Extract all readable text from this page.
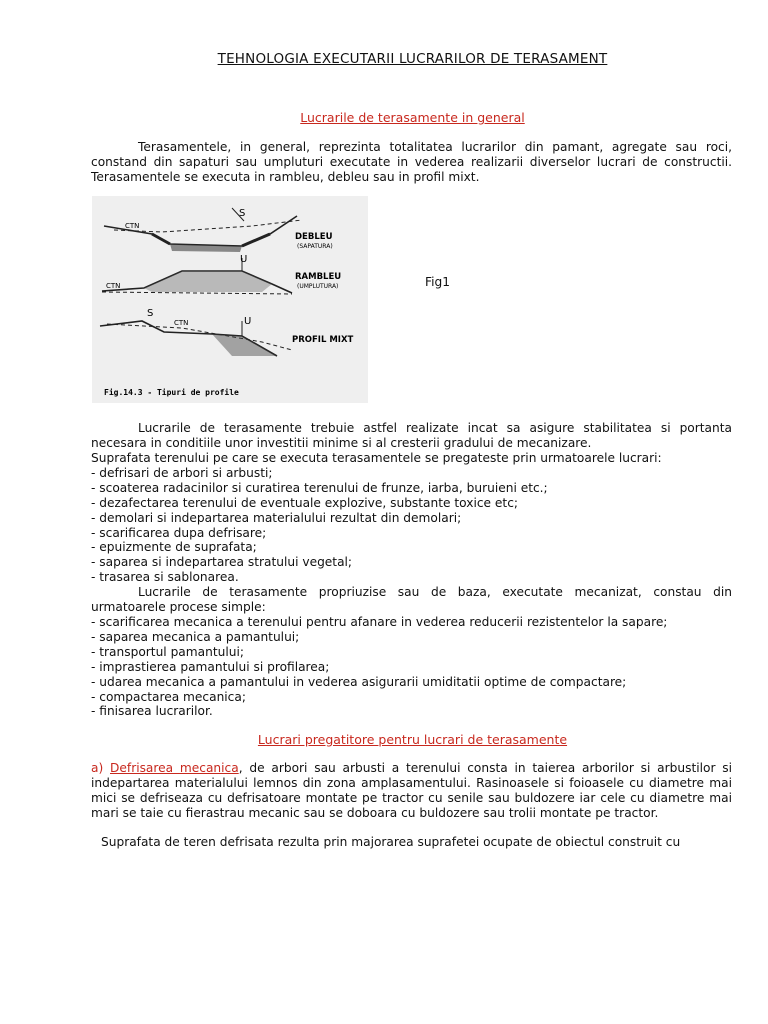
TEHNOLOGIA EXECUTARII LUCRARILOR DE TERASAMENT
Lucrarile de terasamente in general

Terasamentele, in general, reprezinta totalitatea lucrarilor din pamant, agregate sau roci, constand din sapaturi sau umpluturi executate in vederea realizarii diverselor lucrari de constructii. Terasamentele se executa in rambleu, debleu sau in profil mixt.

S
CTN
DEBLEU
(SAPATURA)
U
CTN
RAMBLEU
(UMPLUTURA)
S
CTN	U
PROFIL MIXT
Fig.14.3 - Tipuri de profile
Fig1

Lucrarile de terasamente trebuie astfel realizate incat sa asigure stabilitatea si portanta necesara in conditiile unor investitii minime si al cresterii gradului de mecanizare.

Suprafata terenului pe care se executa terasamentele se pregateste prin urmatoarele lucrari:
- defrisari de arbori si arbusti;
- scoaterea radacinilor si curatirea terenului de frunze, iarba, buruieni etc.;
- dezafectarea terenului de eventuale explozive, substante toxice etc;
- demolari si indepartarea materialului rezultat din demolari;
- scarificarea dupa defrisare;
- epuizmente de suprafata;
- saparea si indepartarea stratului vegetal;
- trasarea si sablonarea.

Lucrarile de terasamente propriuzise sau de baza, executate mecanizat, constau din urmatoarele procese simple:

- scarificarea mecanica a terenului pentru afanare in vederea reducerii rezistentelor la sapare;
- saparea mecanica a pamantului;
- transportul pamantului;
- imprastierea pamantului si profilarea;
- udarea mecanica a pamantului in vederea asigurarii umiditatii optime de compactare;
- compactarea mecanica;
- finisarea lucrarilor.
Lucrari pregatitore pentru lucrari de terasamente

a) Defrisarea mecanica, de arbori sau arbusti a terenului consta in taierea arborilor si arbustilor si indepartarea materialului lemnos din zona amplasamentului. Rasinoasele si foioasele cu diametre mai mici se defriseaza cu defrisatoare montate pe tractor cu senile sau buldozere iar cele cu diametre mai mari se taie cu fierastrau mecanic sau se doboara cu buldozere sau trolii montate pe tractor.

Suprafata de teren defrisata rezulta prin majorarea suprafetei ocupate de obiectul construit cu
